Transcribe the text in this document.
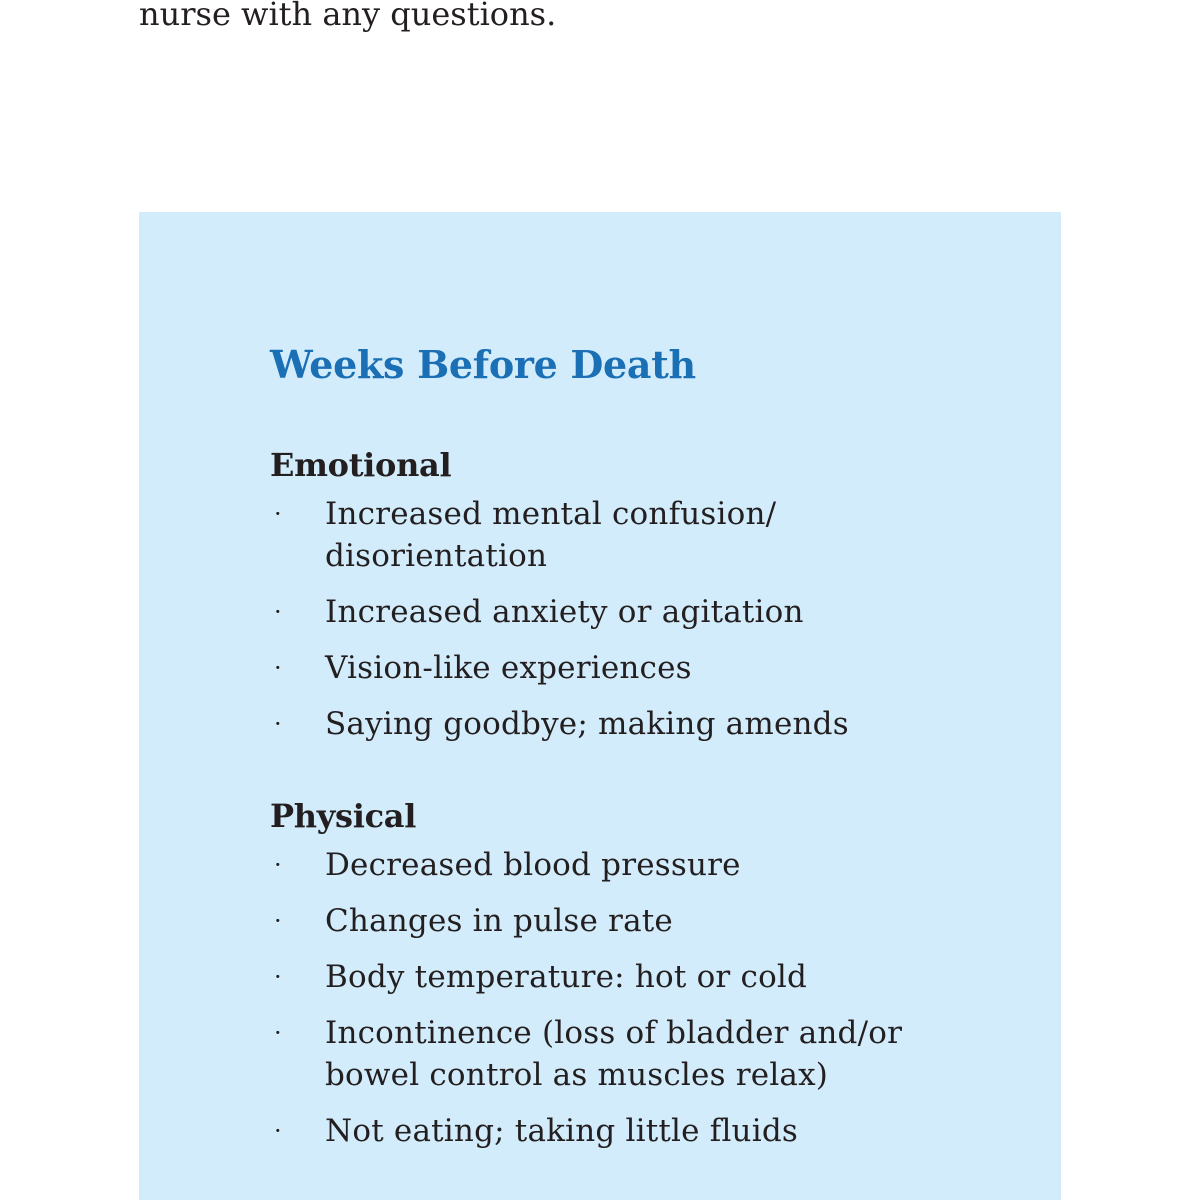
nurse with any questions.

Weeks Before Death
Emotional
· Increased mental confusion/ disorientation
· Increased anxiety or agitation
· Vision-like experiences
· Saying goodbye; making amends
Physical
· Decreased blood pressure
· Changes in pulse rate
· Body temperature: hot or cold
· Incontinence (loss of bladder and/or bowel control as muscles relax)
· Not eating; taking little fluids
